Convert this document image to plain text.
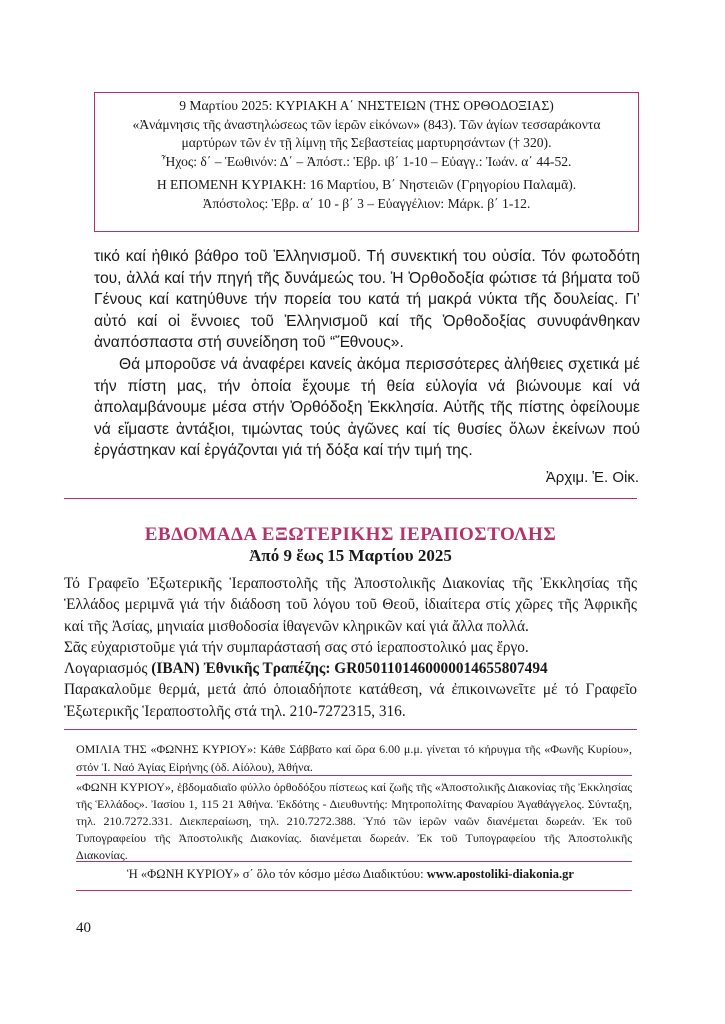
9 Μαρτίου 2025: ΚΥΡΙΑΚΗ Α΄ ΝΗΣΤΕΙΩΝ (ΤΗΣ ΟΡΘΟΔΟΞΙΑΣ)
«Ἀνάμνησις τῆς ἀναστηλώσεως τῶν ἱερῶν εἰκόνων» (843). Τῶν ἁγίων τεσσαράκοντα
μαρτύρων τῶν ἐν τῇ λίμνῃ τῆς Σεβαστείας μαρτυρησάντων († 320).
Ἦχος: δ΄ – Ἑωθινόν: Δ΄ – Ἀπόστ.: Ἑβρ. ιβ΄ 1-10 – Εὐαγγ.: Ἰωάν. α΄ 44-52.
Η ΕΠΟΜΕΝΗ ΚΥΡΙΑΚΗ: 16 Μαρτίου, Β΄ Νηστειῶν (Γρηγορίου Παλαμᾶ).
Ἀπόστολος: Ἑβρ. α΄ 10 - β΄ 3 – Εὐαγγέλιον: Μάρκ. β΄ 1-12.

τικό καί ἠθικό βάθρο τοῦ Ἑλληνισμοῦ. Τή συνεκτική του οὐσία. Τόν φωτοδότη του, ἀλλά καί τήν πηγή τῆς δυνάμεώς του. Ἡ Ὀρθοδοξία φώτισε τά βήματα τοῦ Γένους καί κατηύθυνε τήν πορεία του κατά τή μακρά νύκτα τῆς δουλείας. Γι’ αὐτό καί οἱ ἔννοιες τοῦ Ἑλληνισμοῦ καί τῆς Ὀρθοδοξίας συνυφάνθηκαν ἀναπόσπαστα στή συνείδηση τοῦ “Ἔθνους».

Θά μποροῦσε νά ἀναφέρει κανείς ἀκόμα περισσότερες ἀλήθειες σχετικά μέ τήν πίστη μας, τήν ὁποία ἔχουμε τή θεία εὐλογία νά βιώνουμε καί νά ἀπολαμβάνουμε μέσα στήν Ὀρθόδοξη Ἐκκλησία. Αὐτῆς τῆς πίστης ὀφείλουμε νά εἴμαστε ἀντάξιοι, τιμώντας τούς ἀγῶνες καί τίς θυσίες ὅλων ἐκείνων πού ἐργάστηκαν καί ἐργάζονται γιά τή δόξα καί τήν τιμή της.

Ἀρχιμ. Ἑ. Οἰκ.
ΕΒΔΟΜΑΔΑ ΕΞΩΤΕΡΙΚΗΣ ΙΕΡΑΠΟΣΤΟΛΗΣ
Ἀπό 9 ἕως 15 Μαρτίου 2025
Τό Γραφεῖο Ἐξωτερικῆς Ἱεραποστολῆς τῆς Ἀποστολικῆς Διακονίας τῆς Ἐκκλησίας τῆς Ἑλλάδος μεριμνᾶ γιά τήν διάδοση τοῦ λόγου τοῦ Θεοῦ, ἰδιαίτερα στίς χῶρες τῆς Ἀφρικῆς καί τῆς Ἀσίας, μηνιαία μισθοδοσία ἰθαγενῶν κληρικῶν καί γιά ἄλλα πολλά.
Σᾶς εὐχαριστοῦμε γιά τήν συμπαράστασή σας στό ἱεραποστολικό μας ἔργο.
Λογαριασμός (IBAN) Ἐθνικῆς Τραπέζης: GR0501101460000014655807494
Παρακαλοῦμε θερμά, μετά ἀπό ὁποιαδήποτε κατάθεση, νά ἐπικοινωνεῖτε μέ τό Γραφεῖο Ἐξωτερικῆς Ἱεραποστολῆς στά τηλ. 210-7272315, 316.
ΟΜΙΛΙΑ ΤΗΣ «ΦΩΝΗΣ ΚΥΡΙΟΥ»: Κάθε Σάββατο καί ὥρα 6.00 μ.μ. γίνεται τό κήρυγμα τῆς «Φωνῆς Κυρίου», στόν Ἱ. Ναό Ἁγίας Εἰρήνης (ὁδ. Αἰόλου), Ἀθήνα.
«ΦΩΝΗ ΚΥΡΙΟΥ», ἑβδομαδιαῖο φύλλο ὀρθοδόξου πίστεως καί ζωῆς τῆς «Ἀποστολικῆς Διακονίας τῆς Ἐκκλησίας τῆς Ἑλλάδος». Ἰασίου 1, 115 21 Ἀθήνα. Ἐκδότης - Διευθυντής: Μητροπολίτης Φαναρίου Ἀγαθάγγελος. Σύνταξη, τηλ. 210.7272.331. Διεκπεραίωση, τηλ. 210.7272.388. Ὑπό τῶν ἱερῶν ναῶν διανέμεται δωρεάν. Ἐκ τοῦ Τυπογραφείου τῆς Ἀποστολικῆς Διακονίας. διανέμεται δωρεάν. Ἐκ τοῦ Τυπογραφείου τῆς Ἀποστολικῆς Διακονίας.
Ἡ «ΦΩΝΗ ΚΥΡΙΟΥ» σ΄ ὅλο τόν κόσμο μέσω Διαδικτύου: www.apostoliki-diakonia.gr
40
